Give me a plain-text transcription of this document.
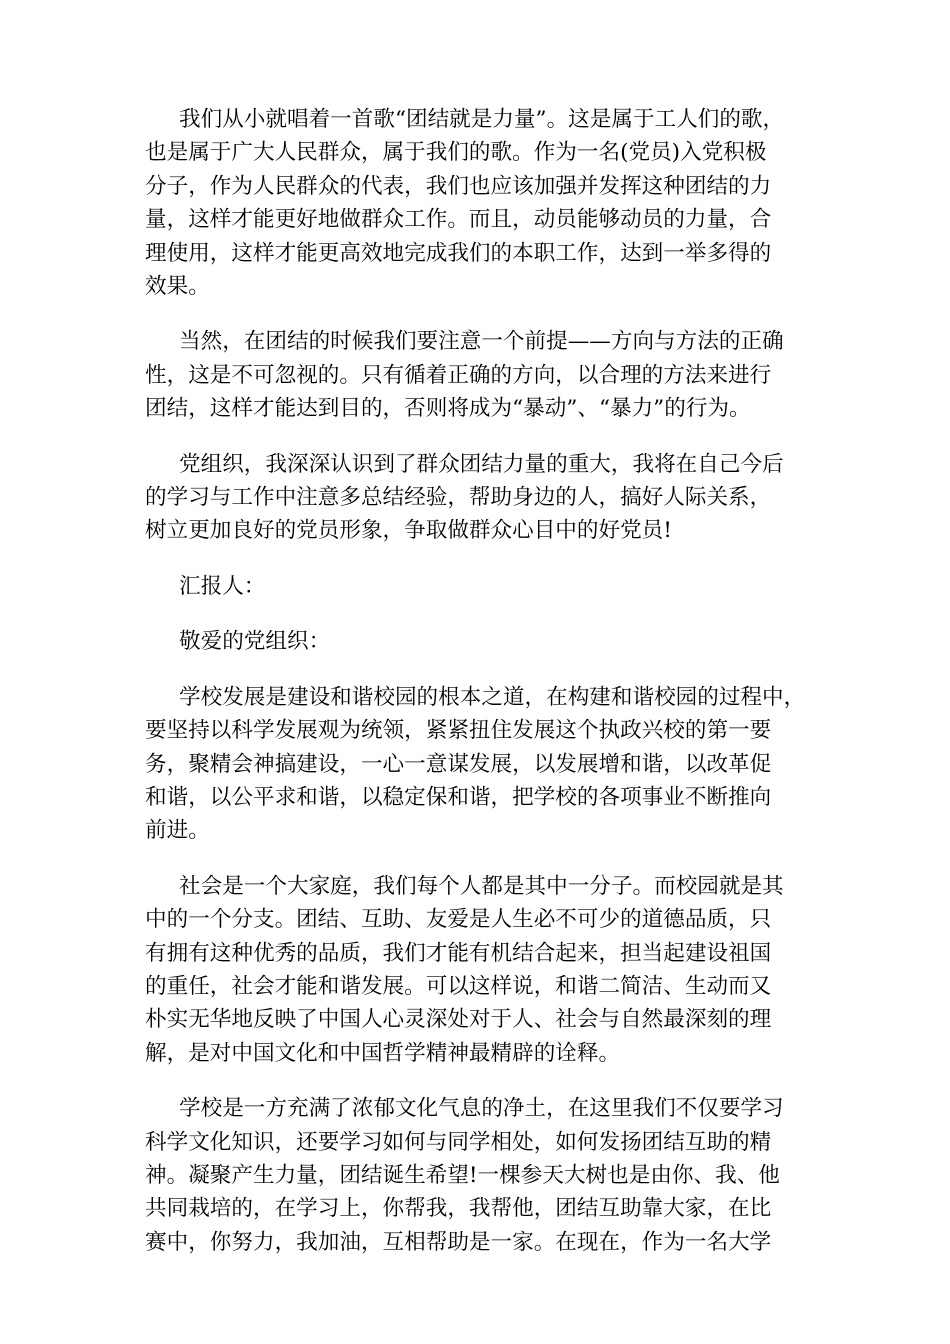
我们从小就唱着一首歌“团结就是力量”。这是属于工人们的歌，
也是属于广大人民群众，属于我们的歌。作为一名(党员)入党积极
分子，作为人民群众的代表，我们也应该加强并发挥这种团结的力
量，这样才能更好地做群众工作。而且，动员能够动员的力量，合
理使用，这样才能更高效地完成我们的本职工作，达到一举多得的
效果。

当然，在团结的时候我们要注意一个前提——方向与方法的正确
性，这是不可忽视的。只有循着正确的方向，以合理的方法来进行
团结，这样才能达到目的，否则将成为“暴动”、“暴力”的行为。

党组织，我深深认识到了群众团结力量的重大，我将在自己今后
的学习与工作中注意多总结经验，帮助身边的人，搞好人际关系，
树立更加良好的党员形象，争取做群众心目中的好党员!

汇报人：

敬爱的党组织：

学校发展是建设和谐校园的根本之道，在构建和谐校园的过程中，
要坚持以科学发展观为统领，紧紧扭住发展这个执政兴校的第一要
务，聚精会神搞建设，一心一意谋发展，以发展增和谐，以改革促
和谐，以公平求和谐，以稳定保和谐，把学校的各项事业不断推向
前进。

社会是一个大家庭，我们每个人都是其中一分子。而校园就是其
中的一个分支。团结、互助、友爱是人生必不可少的道德品质，只
有拥有这种优秀的品质，我们才能有机结合起来，担当起建设祖国
的重任，社会才能和谐发展。可以这样说，和谐二简洁、生动而又
朴实无华地反映了中国人心灵深处对于人、社会与自然最深刻的理
解，是对中国文化和中国哲学精神最精辟的诠释。

学校是一方充满了浓郁文化气息的净土，在这里我们不仅要学习
科学文化知识，还要学习如何与同学相处，如何发扬团结互助的精
神。凝聚产生力量，团结诞生希望!一棵参天大树也是由你、我、他
共同栽培的，在学习上，你帮我，我帮他，团结互助靠大家，在比
赛中，你努力，我加油，互相帮助是一家。在现在，作为一名大学
